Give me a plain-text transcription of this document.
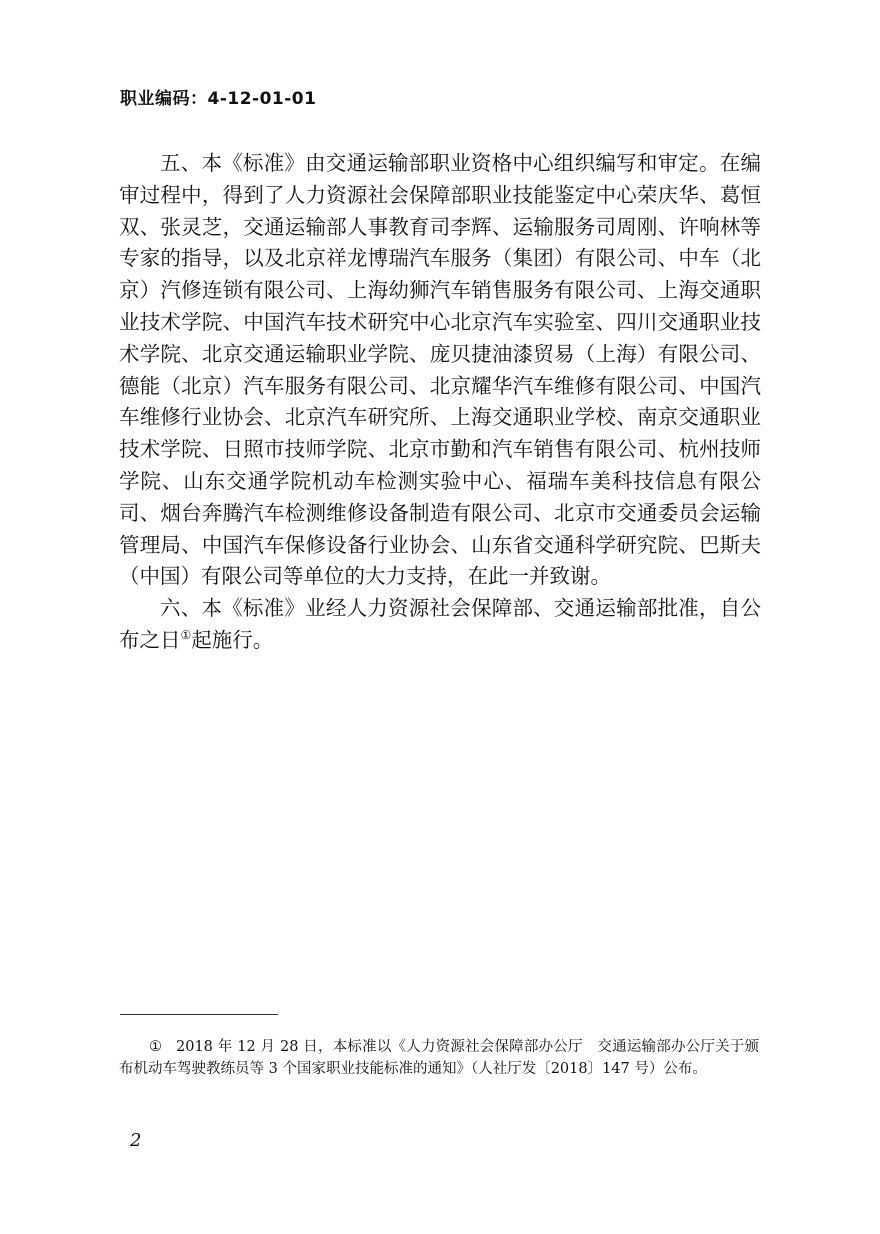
职业编码：4-12-01-01

五、本《标准》由交通运输部职业资格中心组织编写和审定。在编审过程中，得到了人力资源社会保障部职业技能鉴定中心荣庆华、葛恒双、张灵芝，交通运输部人事教育司李辉、运输服务司周刚、许响林等专家的指导，以及北京祥龙博瑞汽车服务（集团）有限公司、中车（北京）汽修连锁有限公司、上海幼狮汽车销售服务有限公司、上海交通职业技术学院、中国汽车技术研究中心北京汽车实验室、四川交通职业技术学院、北京交通运输职业学院、庞贝捷油漆贸易（上海）有限公司、德能（北京）汽车服务有限公司、北京耀华汽车维修有限公司、中国汽车维修行业协会、北京汽车研究所、上海交通职业学校、南京交通职业技术学院、日照市技师学院、北京市勤和汽车销售有限公司、杭州技师学院、山东交通学院机动车检测实验中心、福瑞车美科技信息有限公司、烟台奔腾汽车检测维修设备制造有限公司、北京市交通委员会运输管理局、中国汽车保修设备行业协会、山东省交通科学研究院、巴斯夫（中国）有限公司等单位的大力支持，在此一并致谢。

六、本《标准》业经人力资源社会保障部、交通运输部批准，自公布之日①起施行。

① 2018 年 12 月 28 日，本标准以《人力资源社会保障部办公厅　交通运输部办公厅关于颁布机动车驾驶教练员等 3 个国家职业技能标准的通知》（人社厅发〔2018〕147 号）公布。
2
